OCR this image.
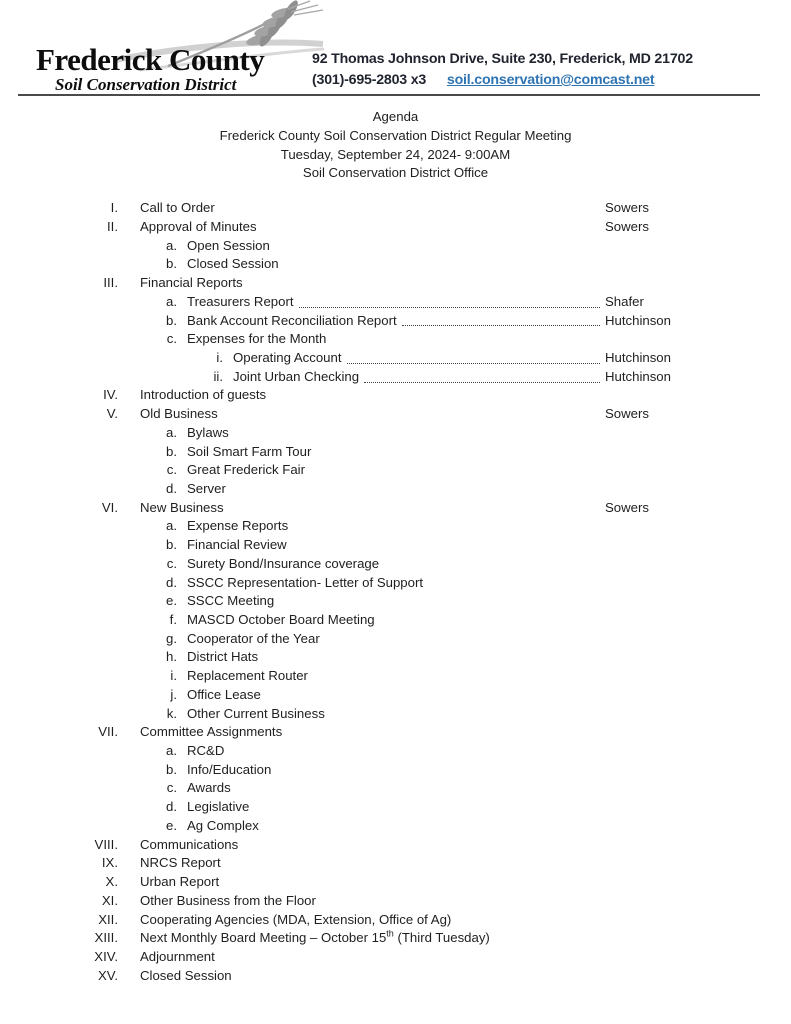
Frederick County
Soil Conservation District
92 Thomas Johnson Drive, Suite 230, Frederick, MD 21702
(301)-695-2803 x3 soil.conservation@comcast.net
Agenda
Frederick County Soil Conservation District Regular Meeting
Tuesday, September 24, 2024- 9:00AM
Soil Conservation District Office
I. Call to Order	Sowers
II. Approval of Minutes	Sowers
a. Open Session
b. Closed Session
III. Financial Reports
a. Treasurers Report	Shafer
b. Bank Account Reconciliation Report	Hutchinson
c. Expenses for the Month
i. Operating Account	Hutchinson
ii. Joint Urban Checking	Hutchinson
IV. Introduction of guests
V. Old Business	Sowers
a. Bylaws
b. Soil Smart Farm Tour
c. Great Frederick Fair
d. Server
VI. New Business	Sowers
a. Expense Reports
b. Financial Review
c. Surety Bond/Insurance coverage
d. SSCC Representation- Letter of Support
e. SSCC Meeting
f. MASCD October Board Meeting
g. Cooperator of the Year
h. District Hats
i. Replacement Router
j. Office Lease
k. Other Current Business
VII. Committee Assignments
a. RC&D
b. Info/Education
c. Awards
d. Legislative
e. Ag Complex
VIII. Communications
IX. NRCS Report
X. Urban Report
XI. Other Business from the Floor
XII. Cooperating Agencies (MDA, Extension, Office of Ag)
XIII. Next Monthly Board Meeting – October 15th (Third Tuesday)
XIV. Adjournment
XV. Closed Session
